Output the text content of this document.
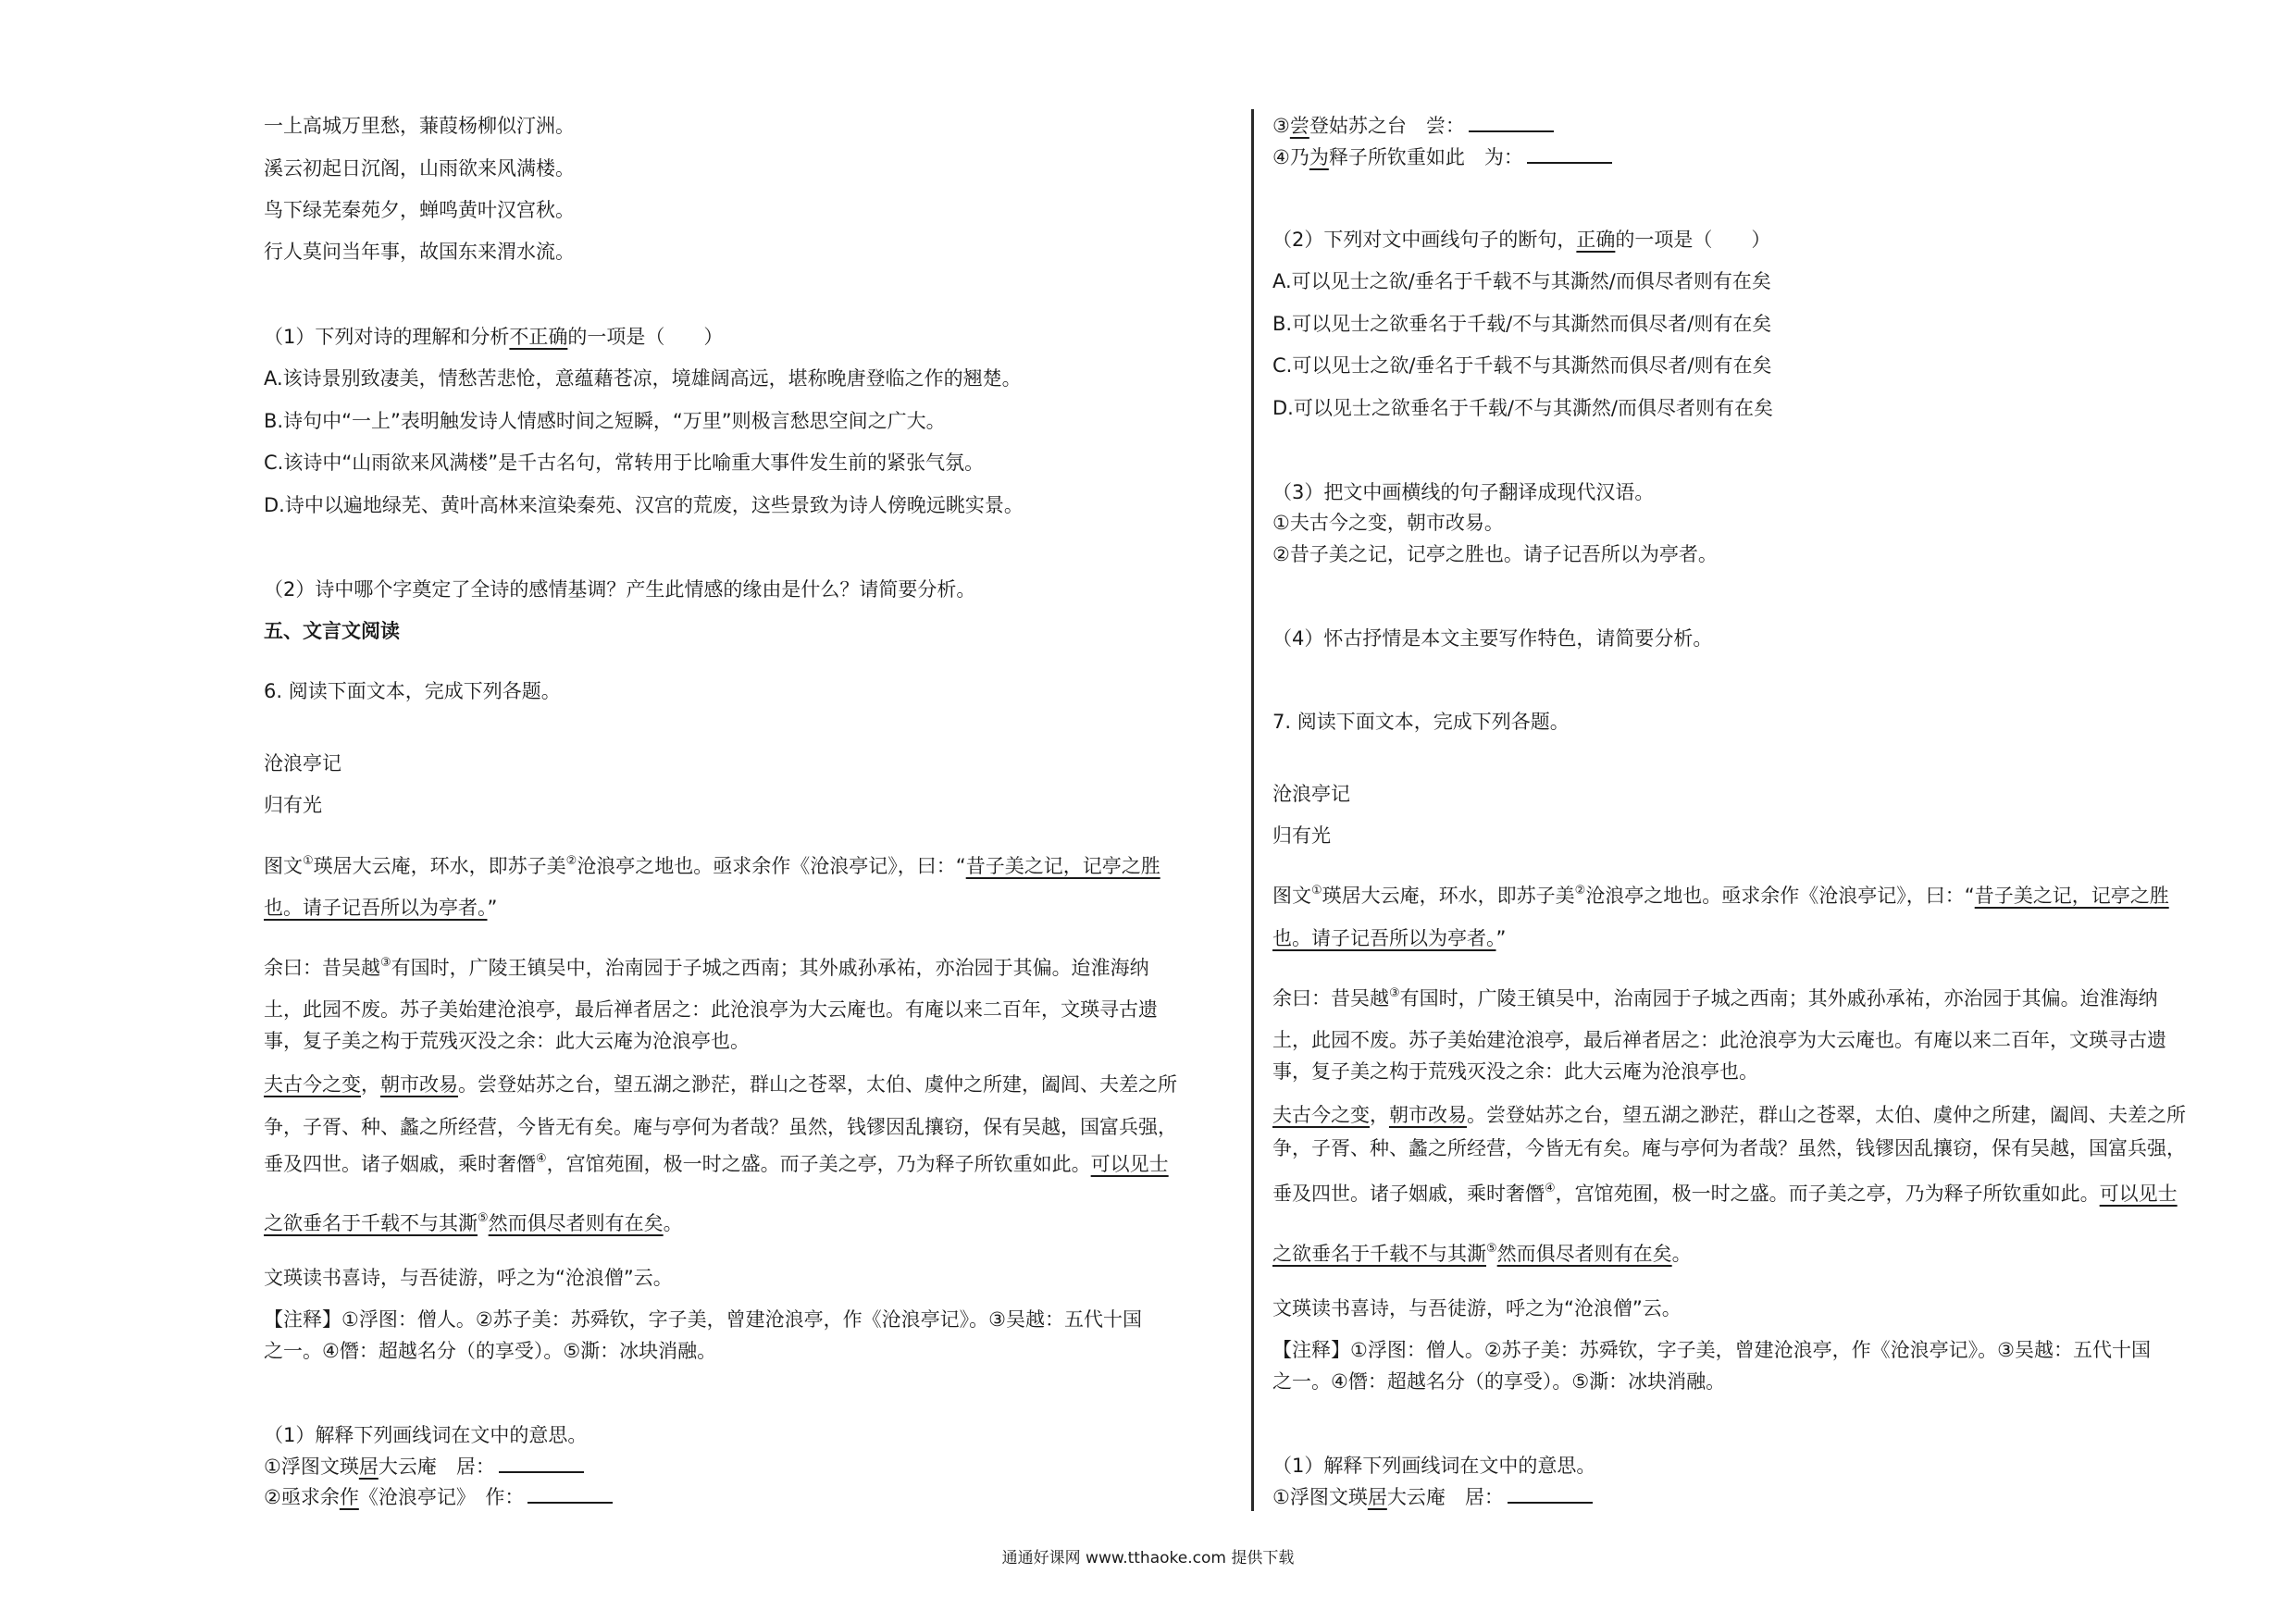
一上高城万里愁，蒹葭杨柳似汀洲。
溪云初起日沉阁，山雨欲来风满楼。
鸟下绿芜秦苑夕，蝉鸣黄叶汉宫秋。
行人莫问当年事，故国东来渭水流。
（1）下列对诗的理解和分析不正确的一项是（　　）
A.该诗景别致凄美，情愁苦悲怆，意蕴藉苍凉，境雄阔高远，堪称晚唐登临之作的翘楚。
B.诗句中“一上”表明触发诗人情感时间之短瞬，“万里”则极言愁思空间之广大。
C.该诗中“山雨欲来风满楼”是千古名句，常转用于比喻重大事件发生前的紧张气氛。
D.诗中以遍地绿芜、黄叶高林来渲染秦苑、汉宫的荒废，这些景致为诗人傍晚远眺实景。
（2）诗中哪个字奠定了全诗的感情基调？产生此情感的缘由是什么？请简要分析。
五、文言文阅读
6. 阅读下面文本，完成下列各题。
沧浪亭记
归有光
图文①瑛居大云庵，环水，即苏子美②沧浪亭之地也。亟求余作《沧浪亭记》，曰：“昔子美之记，记亭之胜
也。请子记吾所以为亭者。”
余曰：昔吴越③有国时，广陵王镇吴中，治南园于子城之西南；其外戚孙承祐，亦治园于其偏。迨淮海纳
土，此园不废。苏子美始建沧浪亭，最后禅者居之：此沧浪亭为大云庵也。有庵以来二百年，文瑛寻古遗
事，复子美之构于荒残灭没之余：此大云庵为沧浪亭也。
夫古今之变，朝市改易。尝登姑苏之台，望五湖之渺茫，群山之苍翠，太伯、虞仲之所建，阖闾、夫差之所
争，子胥、种、蠡之所经营，今皆无有矣。庵与亭何为者哉？虽然，钱镠因乱攘窃，保有吴越，国富兵强，
垂及四世。诸子姻戚，乘时奢僭④，宫馆苑囿，极一时之盛。而子美之亭，乃为释子所钦重如此。可以见士
之欲垂名于千载不与其澌⑤然而俱尽者则有在矣。
文瑛读书喜诗，与吾徒游，呼之为“沧浪僧”云。
【注释】①浮图：僧人。②苏子美：苏舜钦，字子美，曾建沧浪亭，作《沧浪亭记》。③吴越：五代十国
之一。④僭：超越名分（的享受）。⑤澌：冰块消融。
（1）解释下列画线词在文中的意思。
①浮图文瑛居大云庵　居：
②亟求余作《沧浪亭记》　作：
③尝登姑苏之台　尝：
④乃为释子所钦重如此　为：
（2）下列对文中画线句子的断句，正确的一项是（　　）
A.可以见士之欲/垂名于千载不与其澌然/而俱尽者则有在矣
B.可以见士之欲垂名于千载/不与其澌然而俱尽者/则有在矣
C.可以见士之欲/垂名于千载不与其澌然而俱尽者/则有在矣
D.可以见士之欲垂名于千载/不与其澌然/而俱尽者则有在矣
（3）把文中画横线的句子翻译成现代汉语。
①夫古今之变，朝市改易。
②昔子美之记，记亭之胜也。请子记吾所以为亭者。
（4）怀古抒情是本文主要写作特色，请简要分析。
7. 阅读下面文本，完成下列各题。
沧浪亭记
归有光
图文①瑛居大云庵，环水，即苏子美②沧浪亭之地也。亟求余作《沧浪亭记》，曰：“昔子美之记，记亭之胜
也。请子记吾所以为亭者。”
余曰：昔吴越③有国时，广陵王镇吴中，治南园于子城之西南；其外戚孙承祐，亦治园于其偏。迨淮海纳
土，此园不废。苏子美始建沧浪亭，最后禅者居之：此沧浪亭为大云庵也。有庵以来二百年，文瑛寻古遗
事，复子美之构于荒残灭没之余：此大云庵为沧浪亭也。
夫古今之变，朝市改易。尝登姑苏之台，望五湖之渺茫，群山之苍翠，太伯、虞仲之所建，阖闾、夫差之所
争，子胥、种、蠡之所经营，今皆无有矣。庵与亭何为者哉？虽然，钱镠因乱攘窃，保有吴越，国富兵强，
垂及四世。诸子姻戚，乘时奢僭④，宫馆苑囿，极一时之盛。而子美之亭，乃为释子所钦重如此。可以见士
之欲垂名于千载不与其澌⑤然而俱尽者则有在矣。
文瑛读书喜诗，与吾徒游，呼之为“沧浪僧”云。
【注释】①浮图：僧人。②苏子美：苏舜钦，字子美，曾建沧浪亭，作《沧浪亭记》。③吴越：五代十国
之一。④僭：超越名分（的享受）。⑤澌：冰块消融。
（1）解释下列画线词在文中的意思。
①浮图文瑛居大云庵　居：
通通好课网 www.tthaoke.com 提供下载
